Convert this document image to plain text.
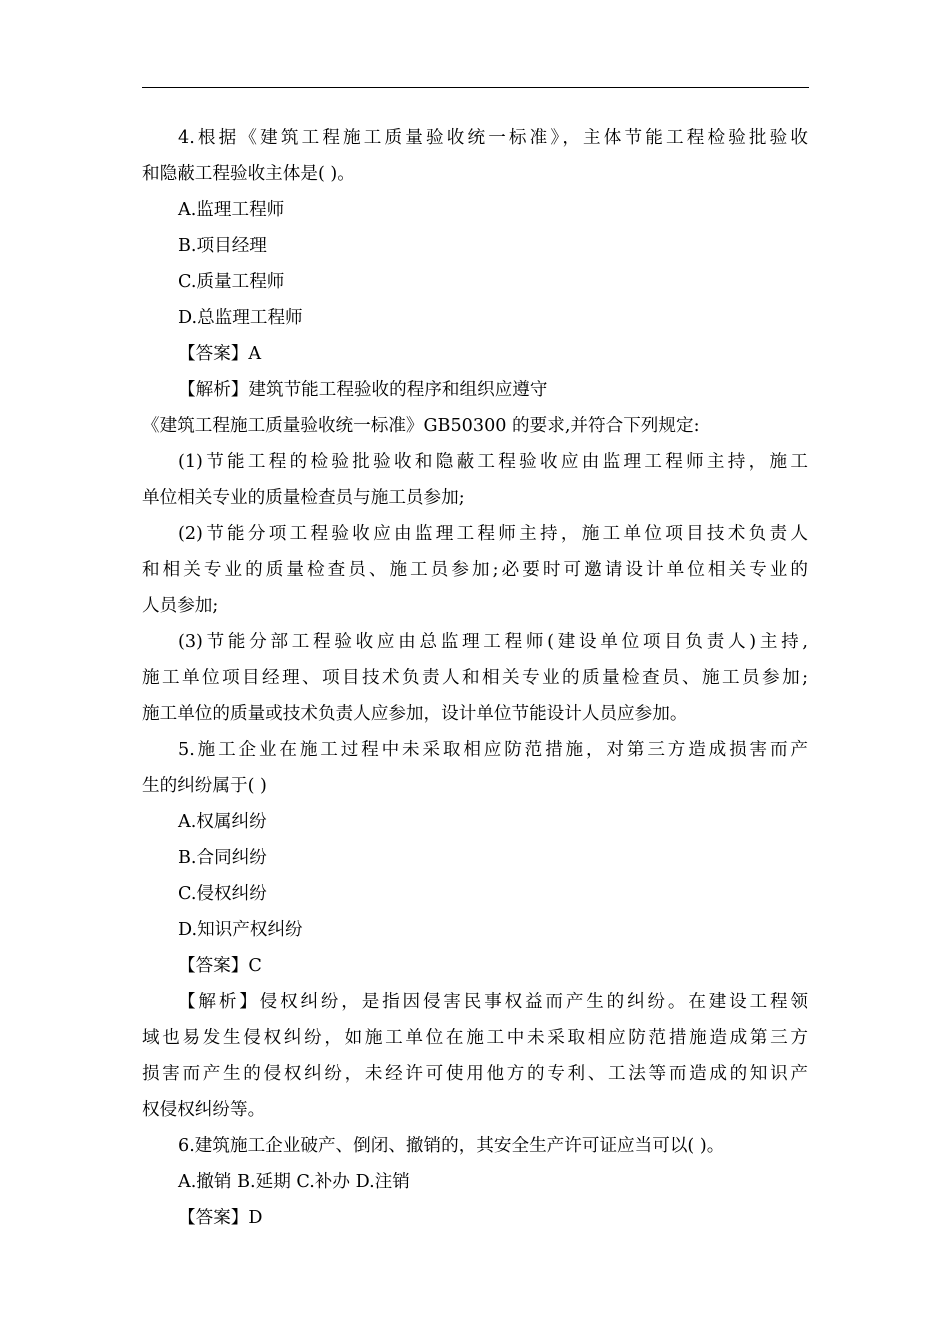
4.根据《建筑工程施工质量验收统一标准》，主体节能工程检验批验收
和隐蔽工程验收主体是( )。
A.监理工程师
B.项目经理
C.质量工程师
D.总监理工程师
【答案】A
【解析】建筑节能工程验收的程序和组织应遵守
《建筑工程施工质量验收统一标准》GB50300 的要求,并符合下列规定:
(1)节能工程的检验批验收和隐蔽工程验收应由监理工程师主持，施工
单位相关专业的质量检查员与施工员参加;
(2)节能分项工程验收应由监理工程师主持，施工单位项目技术负责人
和相关专业的质量检查员、施工员参加;必要时可邀请设计单位相关专业的
人员参加;
(3)节能分部工程验收应由总监理工程师(建设单位项目负责人)主持,
施工单位项目经理、项目技术负责人和相关专业的质量检查员、施工员参加;
施工单位的质量或技术负责人应参加，设计单位节能设计人员应参加。
5.施工企业在施工过程中未采取相应防范措施，对第三方造成损害而产
生的纠纷属于( )
A.权属纠纷
B.合同纠纷
C.侵权纠纷
D.知识产权纠纷
【答案】C
【解析】侵权纠纷，是指因侵害民事权益而产生的纠纷。在建设工程领
域也易发生侵权纠纷，如施工单位在施工中未采取相应防范措施造成第三方
损害而产生的侵权纠纷，未经许可使用他方的专利、工法等而造成的知识产
权侵权纠纷等。
6.建筑施工企业破产、倒闭、撤销的，其安全生产许可证应当可以( )。
A.撤销 B.延期 C.补办 D.注销
【答案】D
